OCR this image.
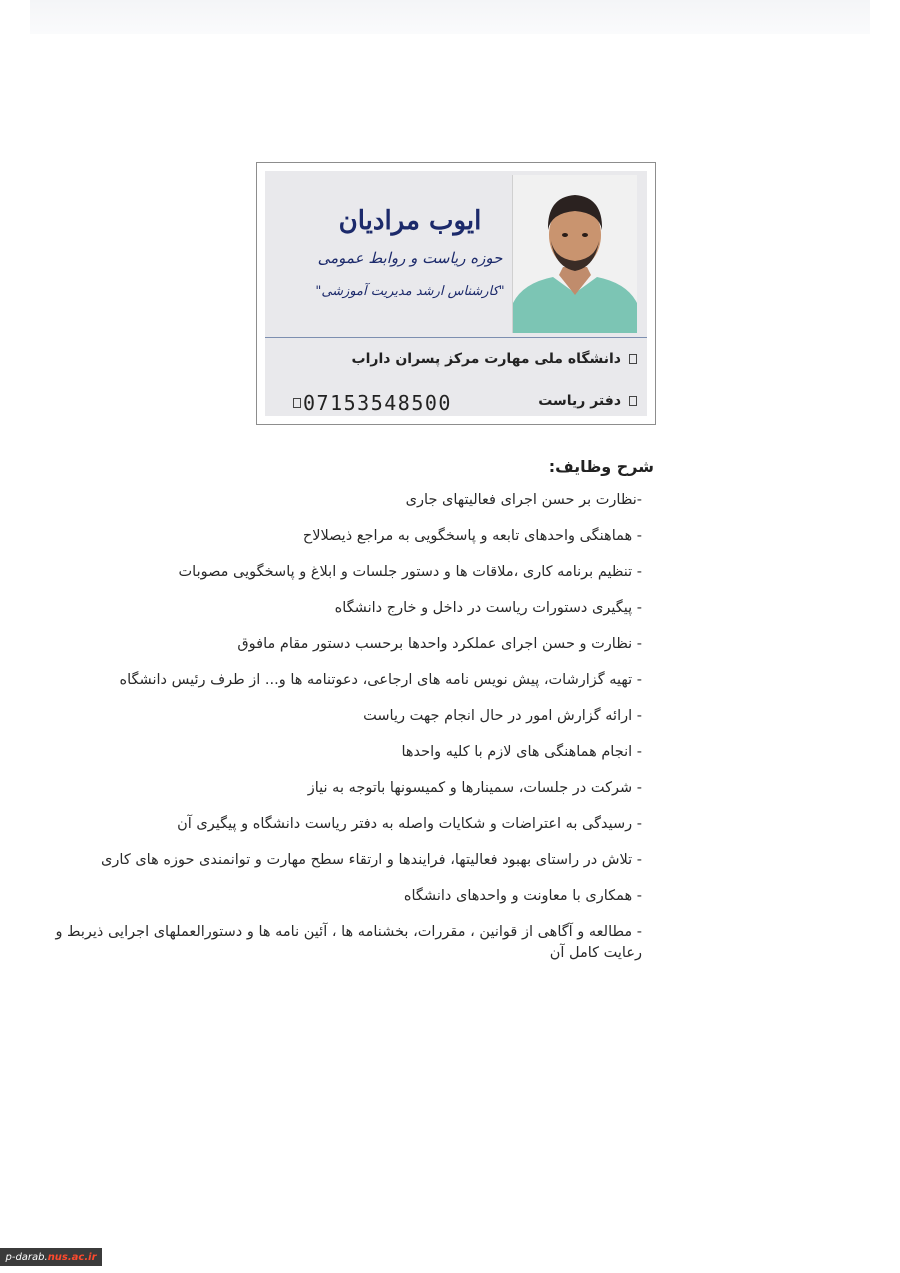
ایوب مرادیان
حوزه ریاست و روابط عمومی
"کارشناس ارشد مدیریت آموزشی"
دانشگاه ملی مهارت مرکز پسران داراب
دفتر ریاست
07153548500
شرح وظایف:
-نظارت بر حسن اجرای فعالیتهای جاری
- هماهنگی واحدهای تابعه و پاسخگویی به مراجع ذیصلالاح
- تنظیم برنامه کاری ،ملاقات ها و دستور جلسات و ابلاغ و پاسخگویی مصوبات
- پیگیری دستورات ریاست در داخل و خارج دانشگاه
- نظارت و حسن اجرای عملکرد واحدها برحسب دستور مقام مافوق
- تهیه گزارشات، پیش نویس نامه های ارجاعی، دعوتنامه ها و... از طرف رئیس دانشگاه
- ارائه گزارش امور در حال انجام جهت ریاست
- انجام هماهنگی های لازم با کلیه واحدها
- شرکت در جلسات، سمینارها و کمیسونها باتوجه به نیاز
- رسیدگی به اعتراضات و شکایات واصله به دفتر ریاست دانشگاه و پیگیری آن
- تلاش در راستای بهبود فعالیتها، فرایندها و ارتقاء سطح مهارت و توانمندی حوزه های کاری
- همکاری با معاونت و واحدهای دانشگاه
- مطالعه و آگاهی از قوانین ، مقررات، بخشنامه ها ، آئین نامه ها و دستورالعملهای اجرایی ذیربط و رعایت کامل آن
p-darab. nus.ac.ir
